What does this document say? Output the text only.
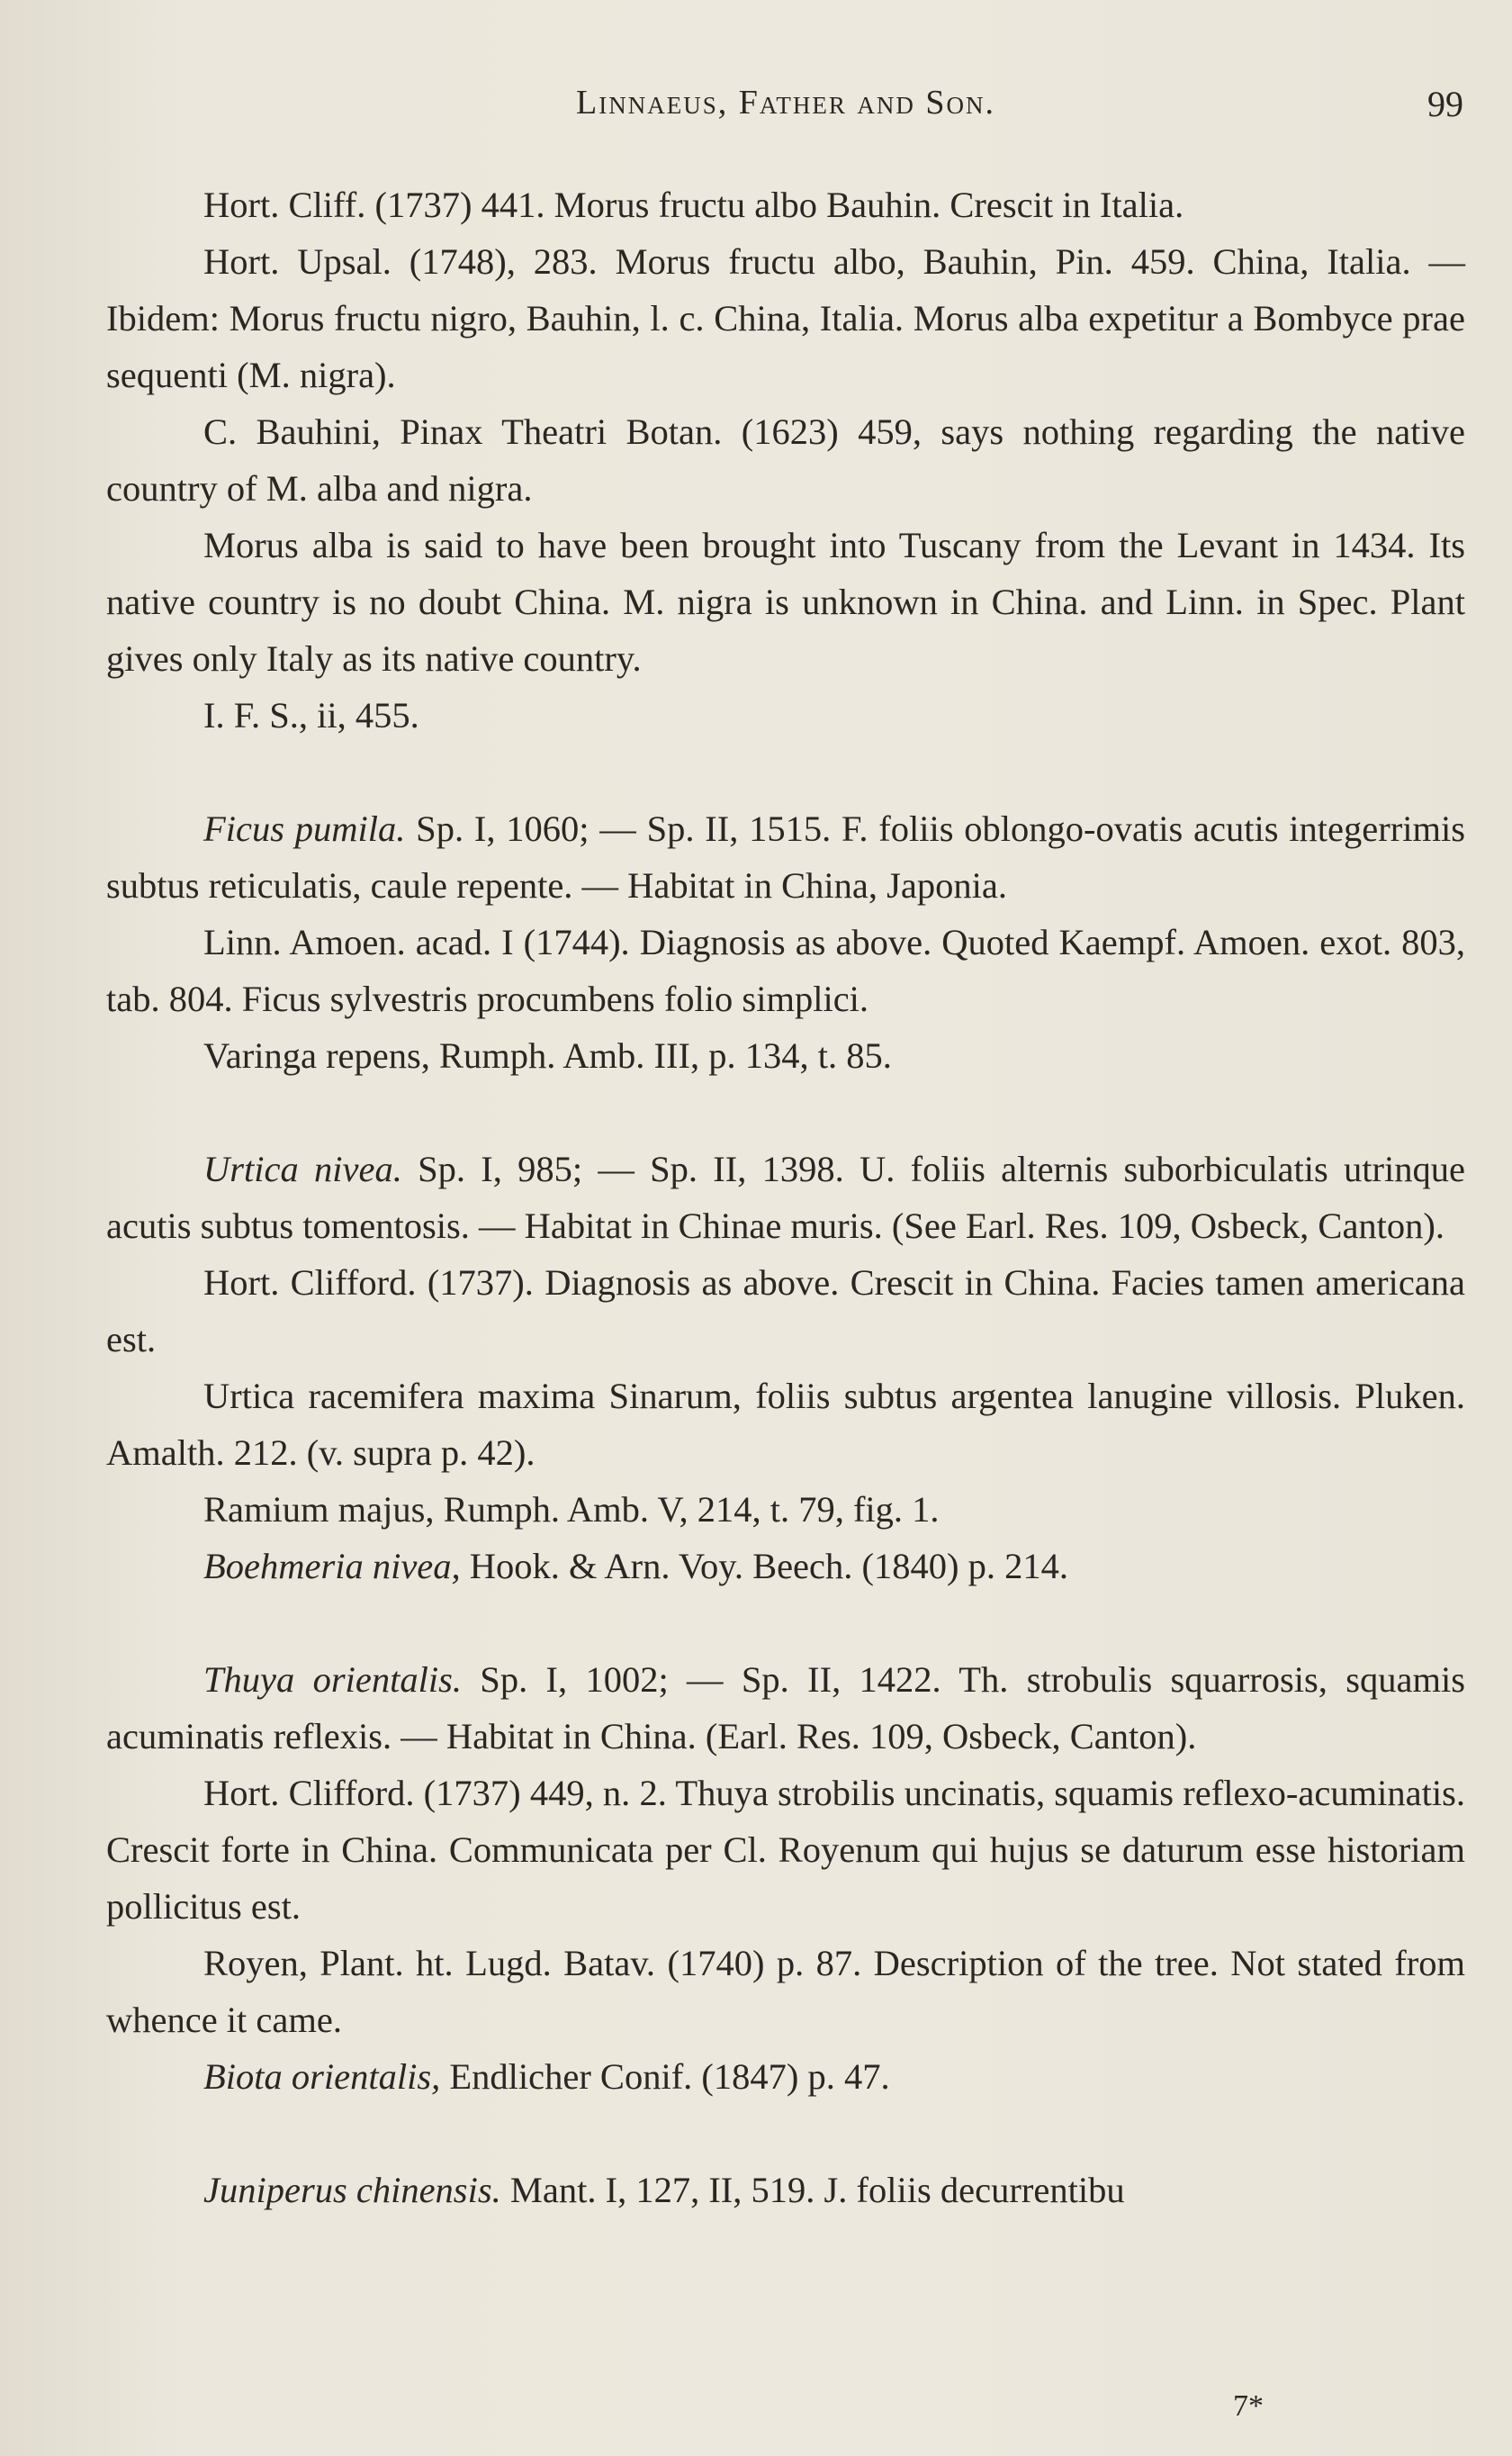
Linnaeus, Father and Son.	99

Hort. Cliff. (1737) 441. Morus fructu albo Bauhin. Crescit in Italia.

Hort. Upsal. (1748), 283. Morus fructu albo, Bauhin, Pin. 459. China, Italia. — Ibidem: Morus fructu nigro, Bauhin, l. c. China, Italia. Morus alba expetitur a Bombyce prae sequenti (M. nigra).

C. Bauhini, Pinax Theatri Botan. (1623) 459, says nothing regarding the native country of M. alba and nigra.

Morus alba is said to have been brought into Tuscany from the Levant in 1434. Its native country is no doubt China. M. nigra is unknown in China. and Linn. in Spec. Plant gives only Italy as its native country.

I. F. S., ii, 455.

Ficus pumila. Sp. I, 1060; — Sp. II, 1515. F. foliis oblongo-ovatis acutis integerrimis subtus reticulatis, caule repente. — Habitat in China, Japonia.

Linn. Amoen. acad. I (1744). Diagnosis as above. Quoted Kaempf. Amoen. exot. 803, tab. 804. Ficus sylvestris procumbens folio simplici.

Varinga repens, Rumph. Amb. III, p. 134, t. 85.

Urtica nivea. Sp. I, 985; — Sp. II, 1398. U. foliis alternis suborbiculatis utrinque acutis subtus tomentosis. — Habitat in Chinae muris. (See Earl. Res. 109, Osbeck, Canton).

Hort. Clifford. (1737). Diagnosis as above. Crescit in China. Facies tamen americana est.

Urtica racemifera maxima Sinarum, foliis subtus argentea lanugine villosis. Pluken. Amalth. 212. (v. supra p. 42).

Ramium majus, Rumph. Amb. V, 214, t. 79, fig. 1.

Boehmeria nivea, Hook. & Arn. Voy. Beech. (1840) p. 214.

Thuya orientalis. Sp. I, 1002; — Sp. II, 1422. Th. strobulis squarrosis, squamis acuminatis reflexis. — Habitat in China. (Earl. Res. 109, Osbeck, Canton).

Hort. Clifford. (1737) 449, n. 2. Thuya strobilis uncinatis, squamis reflexo-acuminatis. Crescit forte in China. Communicata per Cl. Royenum qui hujus se daturum esse historiam pollicitus est.

Royen, Plant. ht. Lugd. Batav. (1740) p. 87. Description of the tree. Not stated from whence it came.

Biota orientalis, Endlicher Conif. (1847) p. 47.

Juniperus chinensis. Mant. I, 127, II, 519. J. foliis decurrentibu

7*
